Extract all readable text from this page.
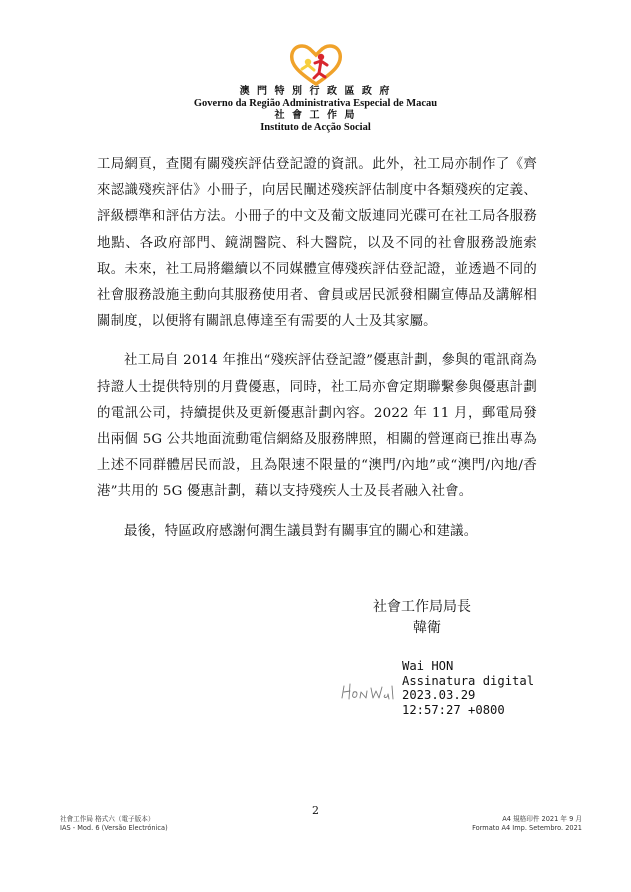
澳 門 特 別 行 政 區 政 府
Governo da Região Administrativa Especial de Macau
社 會 工 作 局
Instituto de Acção Social

工局網頁，查閱有關殘疾評估登記證的資訊。此外，社工局亦制作了《齊來認識殘疾評估》小冊子，向居民闡述殘疾評估制度中各類殘疾的定義、評級標準和評估方法。小冊子的中文及葡文版連同光碟可在社工局各服務地點、各政府部門、鏡湖醫院、科大醫院，以及不同的社會服務設施索取。未來，社工局將繼續以不同媒體宣傳殘疾評估登記證，並透過不同的社會服務設施主動向其服務使用者、會員或居民派發相關宣傳品及講解相關制度，以便將有關訊息傳達至有需要的人士及其家屬。

社工局自 2014 年推出“殘疾評估登記證”優惠計劃，參與的電訊商為持證人士提供特別的月費優惠，同時，社工局亦會定期聯繫參與優惠計劃的電訊公司，持續提供及更新優惠計劃內容。2022 年 11 月，郵電局發出兩個 5G 公共地面流動電信網絡及服務牌照，相關的營運商已推出專為上述不同群體居民而設，且為限速不限量的“澳門/內地”或“澳門/內地/香港”共用的 5G 優惠計劃，藉以支持殘疾人士及長者融入社會。

最後，特區政府感謝何潤生議員對有關事宜的關心和建議。

社會工作局局長
韓衛
Wai HON
Assinatura digital
2023.03.29
12:57:27 +0800
2
社會工作局 格式六（電子版本）
IAS - Mod. 6 (Versão Electrónica)
A4 規格印件 2021 年 9 月
Formato A4 Imp. Setembro. 2021
